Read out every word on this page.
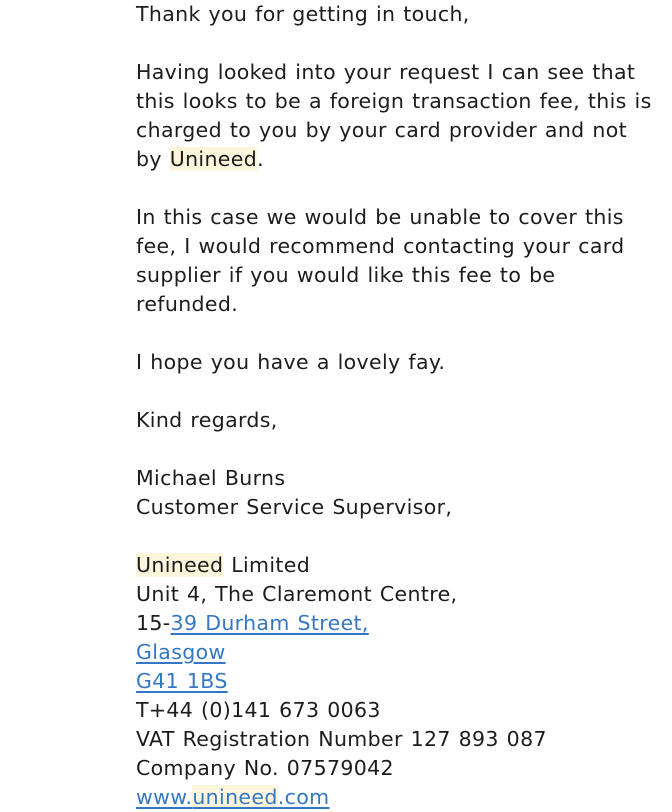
Thank you for getting in touch,
Having looked into your request I can see that
this looks to be a foreign transaction fee, this is
charged to you by your card provider and not
by Unineed.
In this case we would be unable to cover this
fee, I would recommend contacting your card
supplier if you would like this fee to be
refunded.
I hope you have a lovely fay.
Kind regards,
Michael Burns
Customer Service Supervisor,
Unineed Limited
Unit 4, The Claremont Centre,
15-39 Durham Street,
Glasgow
G41 1BS
T+44 (0)141 673 0063
VAT Registration Number 127 893 087
Company No. 07579042
www.unineed.com
